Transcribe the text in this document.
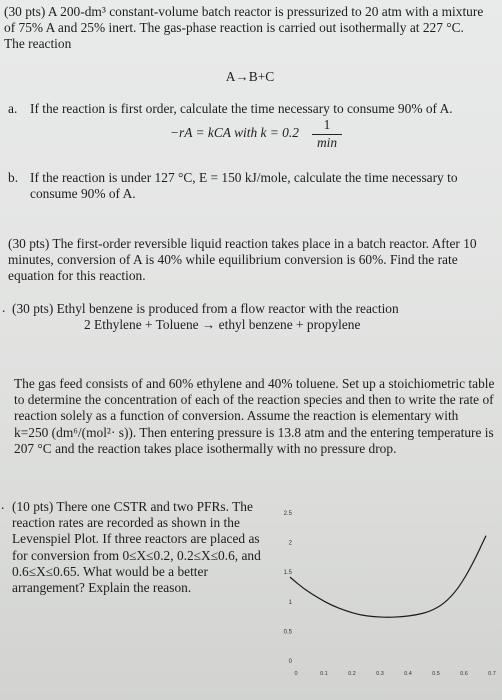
(30 pts) A 200-dm³ constant-volume batch reactor is pressurized to 20 atm with a mixture
of 75% A and 25% inert. The gas-phase reaction is carried out isothermally at 227 °C.
The reaction
A→B+C
a. If the reaction is first order, calculate the time necessary to consume 90% of A.
−rA = kCA with k = 0.2
1
min
b. If the reaction is under 127 °C, E = 150 kJ/mole, calculate the time necessary to
consume 90% of A.
(30 pts) The first-order reversible liquid reaction takes place in a batch reactor. After 10
minutes, conversion of A is 40% while equilibrium conversion is 60%. Find the rate
equation for this reaction.
. (30 pts) Ethyl benzene is produced from a flow reactor with the reaction
2 Ethylene + Toluene → ethyl benzene + propylene
The gas feed consists of and 60% ethylene and 40% toluene. Set up a stoichiometric table
to determine the concentration of each of the reaction species and then to write the rate of
reaction solely as a function of conversion. Assume the reaction is elementary with
k=250 (dm⁶/(mol²· s)). Then entering pressure is 13.8 atm and the entering temperature is
207 °C and the reaction takes place isothermally with no pressure drop.
. (10 pts) There one CSTR and two PFRs. The
reaction rates are recorded as shown in the
Levenspiel Plot. If three reactors are placed as
for conversion from 0≤X≤0.2, 0.2≤X≤0.6, and
0.6≤X≤0.65. What would be a better
arrangement? Explain the reason.
0
0.5
1
1.5
2
2.5
0	0.1	0.2	0.3	0.4	0.5	0.6	0.7
